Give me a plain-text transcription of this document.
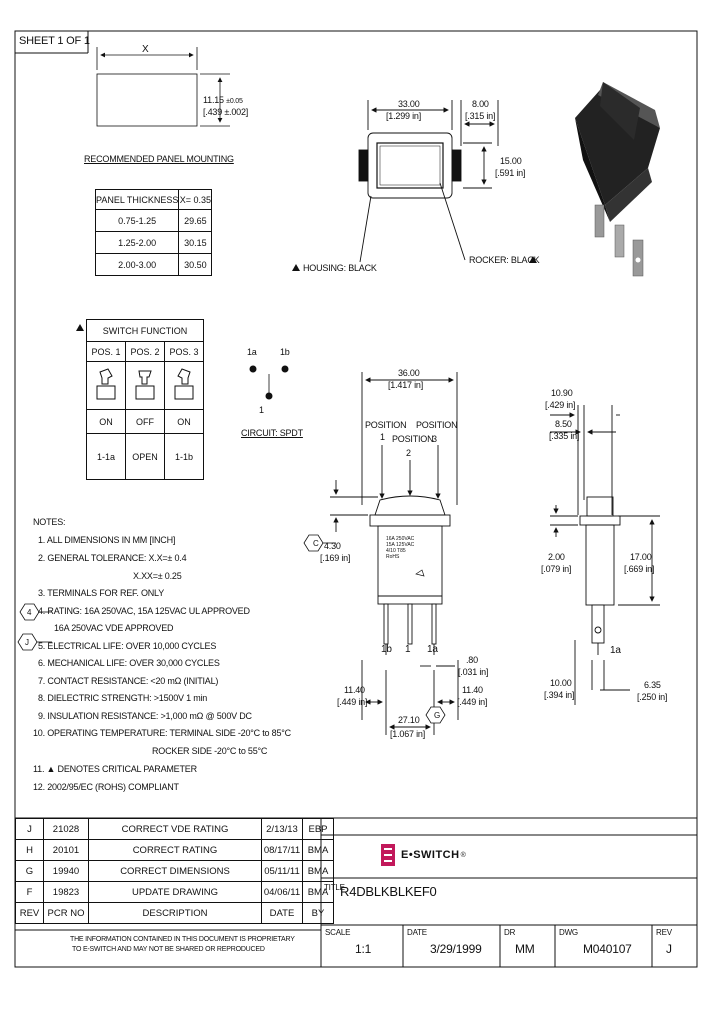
SHEET 1 OF 1
X
11.15 ±0.05
[.439 ±.002]
RECOMMENDED PANEL MOUNTING
PANEL THICKNESS	X= 0.35
0.75-1.25	29.65
1.25-2.00	30.15
2.00-3.00	30.50
33.00
[1.299 in]
8.00
[.315 in]
15.00
[.591 in]
HOUSING: BLACK
ROCKER: BLACK
SWITCH FUNCTION		
POS. 1	POS. 2	POS. 3

ON	OFF	ON
1-1a	OPEN	1-1b
1a	1b
1
CIRCUIT: SPDT
36.00
[1.417 in]
POSITION
1 POSITION
2
POSITION
3
4.30
[.169 in]
C
1b 1 1a
.80
[.031 in]
11.40
[.449 in]
11.40
[.449 in]
27.10
[1.067 in]
G
16A 250VAC
15A 125VAC
4/10 T85
RoHS
10.90
[.429 in]
8.50
[.335 in]
2.00
[.079 in]
17.00
[.669 in]
1a
10.00
[.394 in]
6.35
[.250 in]
NOTES:
1. ALL DIMENSIONS IN MM [INCH]
2. GENERAL TOLERANCE: X.X=± 0.4
X.XX=± 0.25
3. TERMINALS FOR REF. ONLY
4. RATING: 16A 250VAC, 15A 125VAC UL APPROVED
16A 250VAC VDE APPROVED
5. ELECTRICAL LIFE: OVER 10,000 CYCLES
6. MECHANICAL LIFE: OVER 30,000 CYCLES
7. CONTACT RESISTANCE: <20 mΩ (INITIAL)
8. DIELECTRIC STRENGTH: >1500V 1 min
9. INSULATION RESISTANCE: >1,000 mΩ @ 500V DC
10. OPERATING TEMPERATURE: TERMINAL SIDE -20°C to 85°C
ROCKER SIDE -20°C to 55°C
11. ▲ DENOTES CRITICAL PARAMETER
12. 2002/95/EC (ROHS) COMPLIANT
4
J
J	21028	CORRECT VDE RATING	2/13/13	EBP
H	20101	CORRECT RATING	08/17/11	BMA
G	19940	CORRECT DIMENSIONS	05/11/11	BMA
F	19823	UPDATE DRAWING	04/06/11	BMA
REV	PCR NO	DESCRIPTION	DATE	BY
THE INFORMATION CONTAINED IN THIS DOCUMENT IS PROPRIETARY
TO E-SWITCH AND MAY NOT BE SHARED OR REPRODUCED
E•SWITCH ®
TITLE
R4DBLKBLKEF0
SCALE
1:1
DATE
3/29/1999
DR
MM
DWG
M040107
REV
J
